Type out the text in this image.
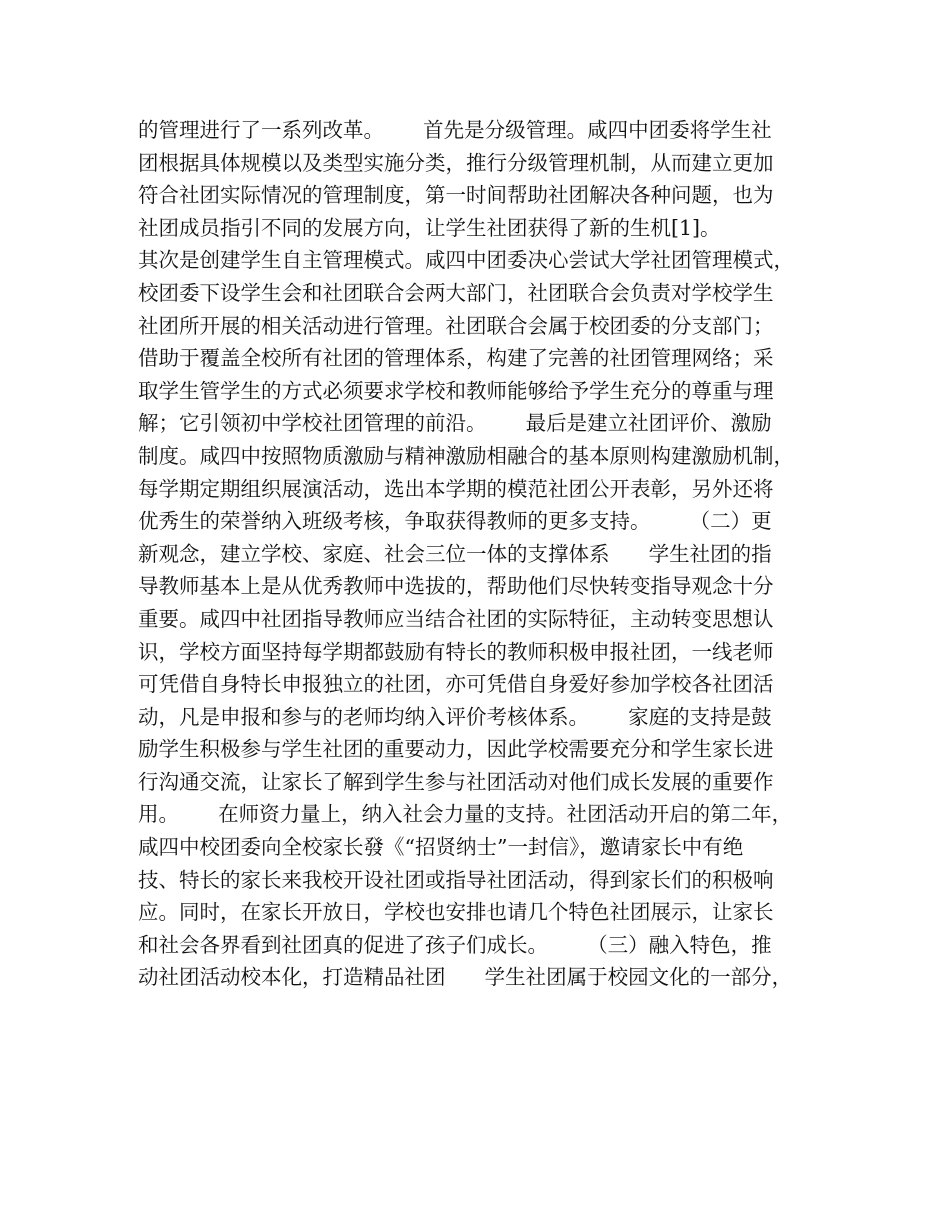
的管理进行了一系列改革。      首先是分级管理。咸四中团委将学生社
团根据具体规模以及类型实施分类，推行分级管理机制，从而建立更加
符合社团实际情况的管理制度，第一时间帮助社团解决各种问题，也为
社团成员指引不同的发展方向，让学生社团获得了新的生机[1]。
其次是创建学生自主管理模式。咸四中团委决心尝试大学社团管理模式，
校团委下设学生会和社团联合会两大部门，社团联合会负责对学校学生
社团所开展的相关活动进行管理。社团联合会属于校团委的分支部门；
借助于覆盖全校所有社团的管理体系，构建了完善的社团管理网络；采
取学生管学生的方式必须要求学校和教师能够给予学生充分的尊重与理
解；它引领初中学校社团管理的前沿。      最后是建立社团评价、激励
制度。咸四中按照物质激励与精神激励相融合的基本原则构建激励机制，
每学期定期组织展演活动，选出本学期的模范社团公开表彰，另外还将
优秀生的荣誉纳入班级考核，争取获得教师的更多支持。      （二）更
新观念，建立学校、家庭、社会三位一体的支撑体系      学生社团的指
导教师基本上是从优秀教师中选拔的，帮助他们尽快转变指导观念十分
重要。咸四中社团指导教师应当结合社团的实际特征，主动转变思想认
识，学校方面坚持每学期都鼓励有特长的教师积极申报社团，一线老师
可凭借自身特长申报独立的社团，亦可凭借自身爱好参加学校各社团活
动，凡是申报和参与的老师均纳入评价考核体系。      家庭的支持是鼓
励学生积极参与学生社团的重要动力，因此学校需要充分和学生家长进
行沟通交流，让家长了解到学生参与社团活动对他们成长发展的重要作
用。      在师资力量上，纳入社会力量的支持。社团活动开启的第二年，
咸四中校团委向全校家长發《“招贤纳士”一封信》，邀请家长中有绝
技、特长的家长来我校开设社团或指导社团活动，得到家长们的积极响
应。同时，在家长开放日，学校也安排也请几个特色社团展示，让家长
和社会各界看到社团真的促进了孩子们成长。      （三）融入特色，推
动社团活动校本化，打造精品社团      学生社团属于校园文化的一部分，
